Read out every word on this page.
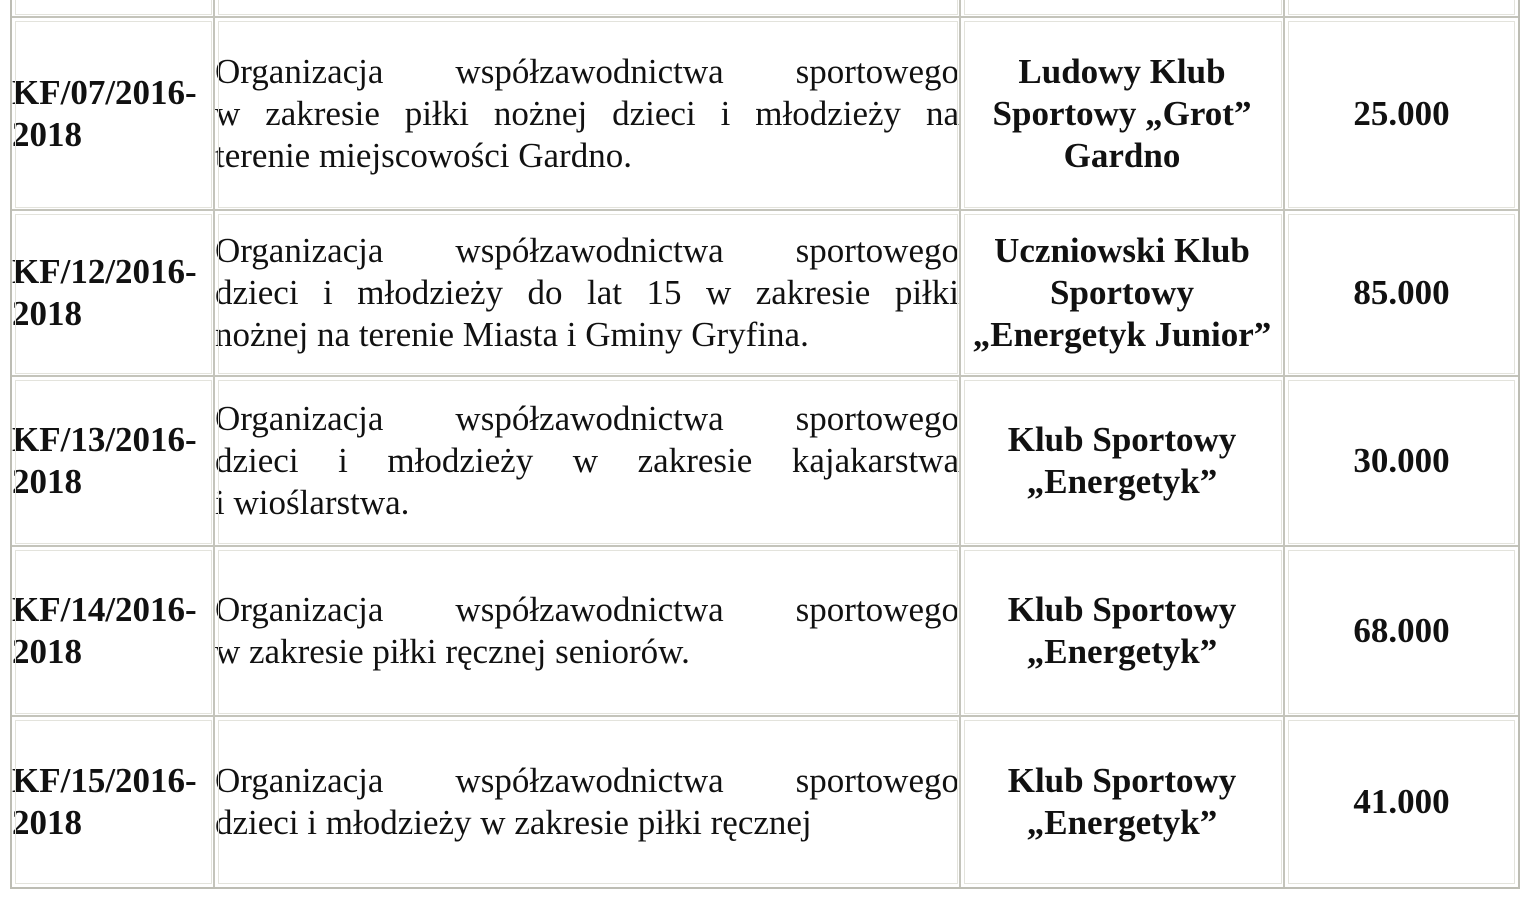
KF/07/2016-
2018	Organizacja współzawodnictwa sportowego
w zakresie piłki nożnej dzieci i młodzieży na
terenie miejscowości Gardno.	Ludowy Klub
Sportowy „Grot”
Gardno	25.000

KF/12/2016-
2018	Organizacja współzawodnictwa sportowego
dzieci i młodzieży do lat 15 w zakresie piłki
nożnej na terenie Miasta i Gminy Gryfina.	Uczniowski Klub
Sportowy
„Energetyk Junior”	85.000

KF/13/2016-
2018	Organizacja współzawodnictwa sportowego
dzieci i młodzieży w zakresie kajakarstwa
i wioślarstwa.	Klub Sportowy
„Energetyk”	30.000

KF/14/2016-
2018	Organizacja współzawodnictwa sportowego
w zakresie piłki ręcznej seniorów.	Klub Sportowy
„Energetyk”	68.000

KF/15/2016-
2018	Organizacja współzawodnictwa sportowego
dzieci i młodzieży w zakresie piłki ręcznej	Klub Sportowy
„Energetyk”	41.000
